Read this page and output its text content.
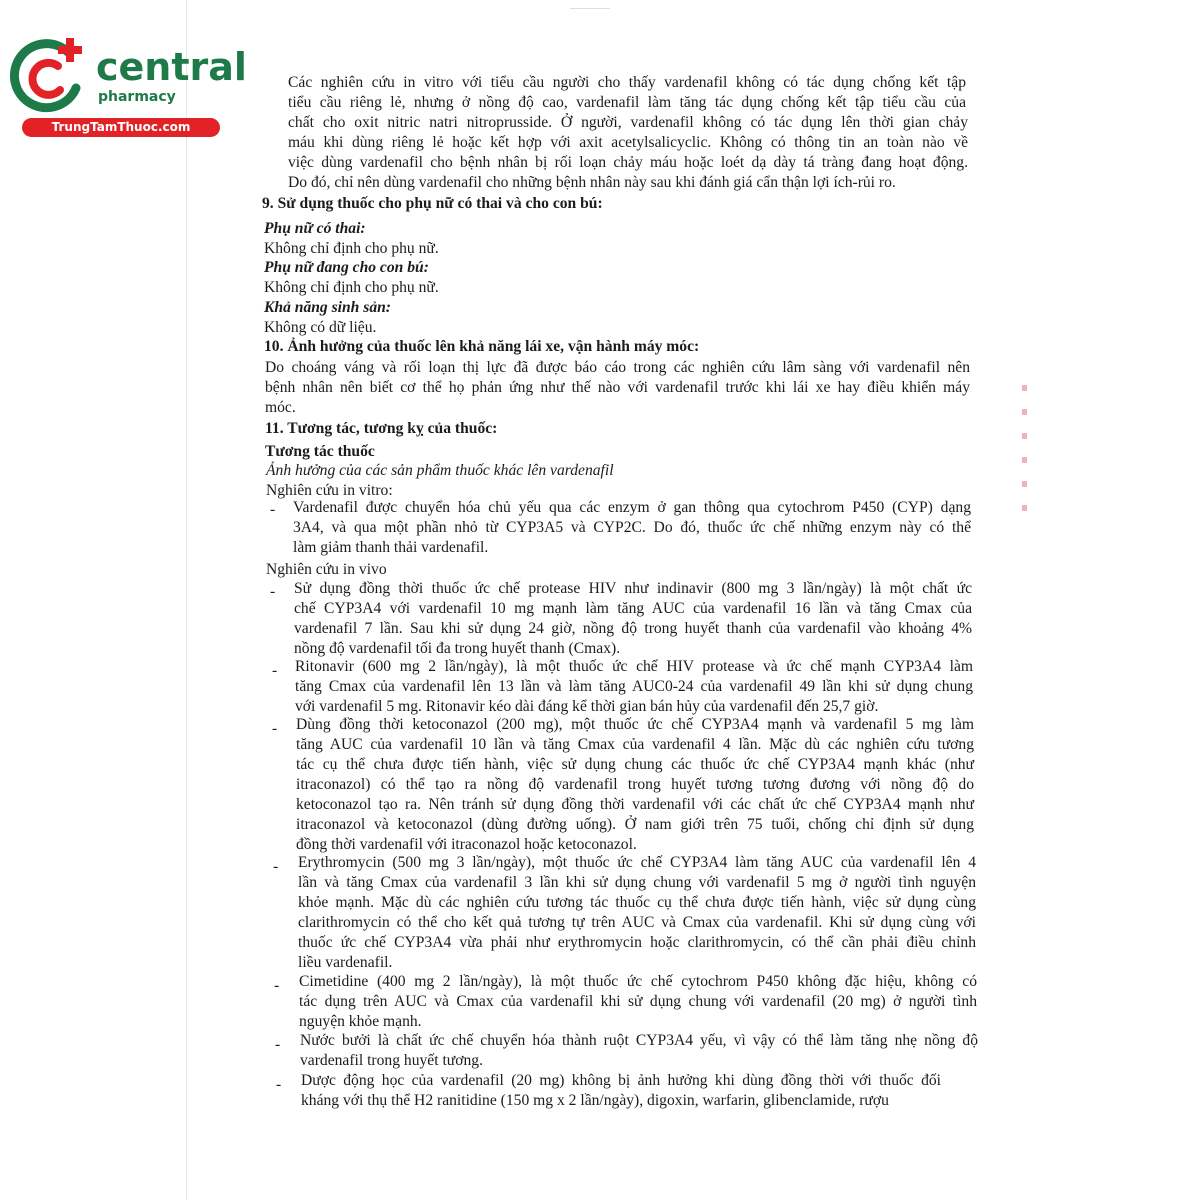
central
pharmacy
TrungTamThuoc.com
Các nghiên cứu in vitro với tiểu cầu người cho thấy vardenafil không có tác dụng chống kết tập
tiểu cầu riêng lẻ, nhưng ở nồng độ cao, vardenafil làm tăng tác dụng chống kết tập tiểu cầu của
chất cho oxit nitric natri nitroprusside. Ở người, vardenafil không có tác dụng lên thời gian chảy
máu khi dùng riêng lẻ hoặc kết hợp với axit acetylsalicyclic. Không có thông tin an toàn nào về
việc dùng vardenafil cho bệnh nhân bị rối loạn chảy máu hoặc loét dạ dày tá tràng đang hoạt động.
Do đó, chỉ nên dùng vardenafil cho những bệnh nhân này sau khi đánh giá cẩn thận lợi ích-rủi ro.
9. Sử dụng thuốc cho phụ nữ có thai và cho con bú:
Phụ nữ có thai:
Không chỉ định cho phụ nữ.
Phụ nữ đang cho con bú:
Không chỉ định cho phụ nữ.
Khả năng sinh sản:
Không có dữ liệu.
10. Ảnh hưởng của thuốc lên khả năng lái xe, vận hành máy móc:
Do choáng váng và rối loạn thị lực đã được báo cáo trong các nghiên cứu lâm sàng với vardenafil nên
bệnh nhân nên biết cơ thể họ phản ứng như thế nào với vardenafil trước khi lái xe hay điều khiển máy
móc.
11. Tương tác, tương kỵ của thuốc:
Tương tác thuốc
Ảnh hưởng của các sản phẩm thuốc khác lên vardenafil
Nghiên cứu in vitro:
- Vardenafil được chuyển hóa chủ yếu qua các enzym ở gan thông qua cytochrom P450 (CYP) dạng
3A4, và qua một phần nhỏ từ CYP3A5 và CYP2C. Do đó, thuốc ức chế những enzym này có thể
làm giảm thanh thải vardenafil.
Nghiên cứu in vivo
- Sử dụng đồng thời thuốc ức chế protease HIV như indinavir (800 mg 3 lần/ngày) là một chất ức
chế CYP3A4 với vardenafil 10 mg mạnh làm tăng AUC của vardenafil 16 lần và tăng Cmax của
vardenafil 7 lần. Sau khi sử dụng 24 giờ, nồng độ trong huyết thanh của vardenafil vào khoảng 4%
nồng độ vardenafil tối đa trong huyết thanh (Cmax).
- Ritonavir (600 mg 2 lần/ngày), là một thuốc ức chế HIV protease và ức chế mạnh CYP3A4 làm
tăng Cmax của vardenafil lên 13 lần và làm tăng AUC0-24 của vardenafil 49 lần khi sử dụng chung
với vardenafil 5 mg. Ritonavir kéo dài đáng kể thời gian bán hủy của vardenafil đến 25,7 giờ.
- Dùng đồng thời ketoconazol (200 mg), một thuốc ức chế CYP3A4 mạnh và vardenafil 5 mg làm
tăng AUC của vardenafil 10 lần và tăng Cmax của vardenafil 4 lần. Mặc dù các nghiên cứu tương
tác cụ thể chưa được tiến hành, việc sử dụng chung các thuốc ức chế CYP3A4 mạnh khác (như
itraconazol) có thể tạo ra nồng độ vardenafil trong huyết tương tương đương với nồng độ do
ketoconazol tạo ra. Nên tránh sử dụng đồng thời vardenafil với các chất ức chế CYP3A4 mạnh như
itraconazol và ketoconazol (dùng đường uống). Ở nam giới trên 75 tuổi, chống chỉ định sử dụng
đồng thời vardenafil với itraconazol hoặc ketoconazol.
- Erythromycin (500 mg 3 lần/ngày), một thuốc ức chế CYP3A4 làm tăng AUC của vardenafil lên 4
lần và tăng Cmax của vardenafil 3 lần khi sử dụng chung với vardenafil 5 mg ở người tình nguyện
khỏe mạnh. Mặc dù các nghiên cứu tương tác thuốc cụ thể chưa được tiến hành, việc sử dụng cùng
clarithromycin có thể cho kết quả tương tự trên AUC và Cmax của vardenafil. Khi sử dụng cùng với
thuốc ức chế CYP3A4 vừa phải như erythromycin hoặc clarithromycin, có thể cần phải điều chỉnh
liều vardenafil.
- Cimetidine (400 mg 2 lần/ngày), là một thuốc ức chế cytochrom P450 không đặc hiệu, không có
tác dụng trên AUC và Cmax của vardenafil khi sử dụng chung với vardenafil (20 mg) ở người tình
nguyện khỏe mạnh.
- Nước bưởi là chất ức chế chuyển hóa thành ruột CYP3A4 yếu, vì vậy có thể làm tăng nhẹ nồng độ
vardenafil trong huyết tương.
- Dược động học của vardenafil (20 mg) không bị ảnh hưởng khi dùng đồng thời với thuốc đối
kháng với thụ thể H2 ranitidine (150 mg x 2 lần/ngày), digoxin, warfarin, glibenclamide, rượu
